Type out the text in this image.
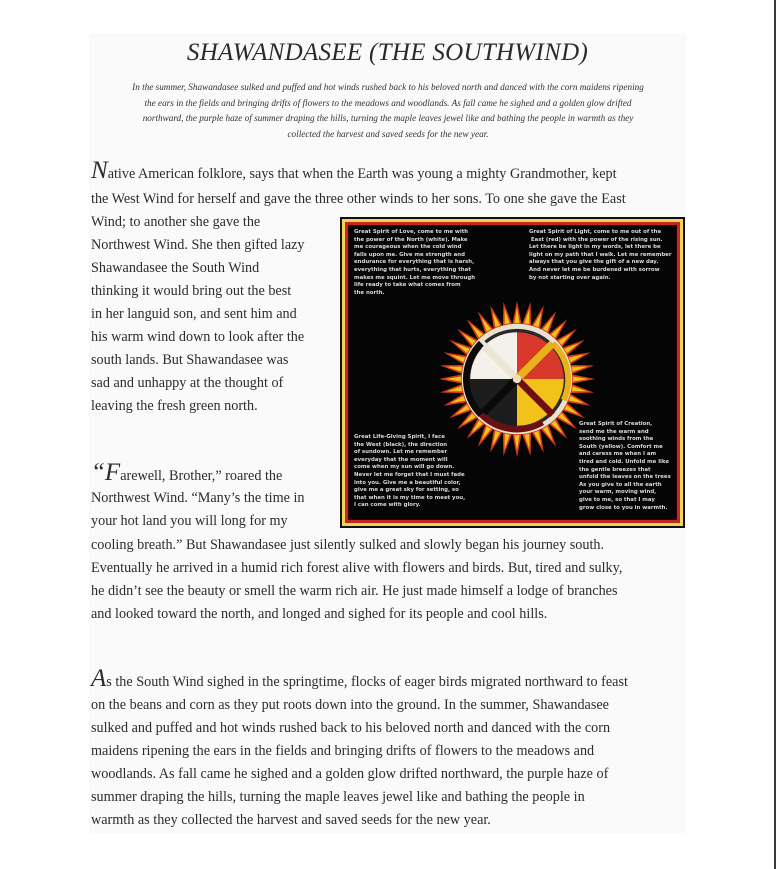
SHAWANDASEE (THE SOUTHWIND)
In the summer, Shawandasee sulked and puffed and hot winds rushed back to his beloved north and danced with the corn maidens ripening
the ears in the fields and bringing drifts of flowers to the meadows and woodlands. As fall came he sighed and a golden glow drifted
northward, the purple haze of summer draping the hills, turning the maple leaves jewel like and bathing the people in warmth as they
collected the harvest and saved seeds for the new year.
Native American folklore, says that when the Earth was young a mighty Grandmother, kept
the West Wind for herself and gave the three other winds to her sons. To one she gave the East
Wind; to another she gave the
Northwest Wind. She then gifted lazy
Shawandasee the South Wind
thinking it would bring out the best
in her languid son, and sent him and
his warm wind down to look after the
south lands. But Shawandasee was
sad and unhappy at the thought of
leaving the fresh green north.
“Farewell, Brother,” roared the
Northwest Wind. “Many’s the time in
your hot land you will long for my
cooling breath.” But Shawandasee just silently sulked and slowly began his journey south.
Eventually he arrived in a humid rich forest alive with flowers and birds. But, tired and sulky,
he didn’t see the beauty or smell the warm rich air. He just made himself a lodge of branches
and looked toward the north, and longed and sighed for its people and cool hills.
As the South Wind sighed in the springtime, flocks of eager birds migrated northward to feast
on the beans and corn as they put roots down into the ground. In the summer, Shawandasee
sulked and puffed and hot winds rushed back to his beloved north and danced with the corn
maidens ripening the ears in the fields and bringing drifts of flowers to the meadows and
woodlands. As fall came he sighed and a golden glow drifted northward, the purple haze of
summer draping the hills, turning the maple leaves jewel like and bathing the people in
warmth as they collected the harvest and saved seeds for the new year.
Great Spirit of Love, come to me with
the power of the North (white). Make
me courageous when the cold wind
falls upon me. Give me strength and
endurance for everything that is harsh,
everything that hurts, everything that
makes me squint. Let me move through
life ready to take what comes from
the north.
Great Spirit of Light, come to me out of the
East (red) with the power of the rising sun.
Let there be light in my words, let there be
light on my path that I walk. Let me remember
always that you give the gift of a new day.
And never let me be burdened with sorrow
by not starting over again.
Great Life-Giving Spirit, I face
the West (black), the direction
of sundown. Let me remember
everyday that the moment will
come when my sun will go down.
Never let me forget that I must fade
into you. Give me a beautiful color,
give me a great sky for setting, so
that when it is my time to meet you,
I can come with glory.
Great Spirit of Creation,
send me the warm and
soothing winds from the
South (yellow). Comfort me
and caress me when I am
tired and cold. Unfold me like
the gentle breezes that
unfold the leaves on the trees
As you give to all the earth
your warm, moving wind,
give to me, so that I may
grow close to you in warmth.
